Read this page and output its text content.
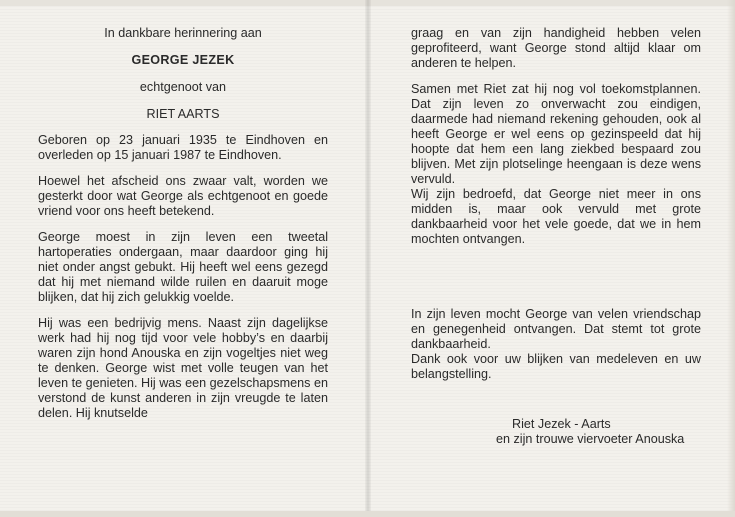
In dankbare herinnering aan
GEORGE JEZEK
echtgenoot van
RIET AARTS

Geboren op 23 januari 1935 te Eindhoven en overleden op 15 januari 1987 te Eindhoven.

Hoewel het afscheid ons zwaar valt, worden we gesterkt door wat George als echtgenoot en goede vriend voor ons heeft betekend.

George moest in zijn leven een tweetal hartoperaties ondergaan, maar daardoor ging hij niet onder angst gebukt. Hij heeft wel eens gezegd dat hij met niemand wilde ruilen en daaruit moge blijken, dat hij zich gelukkig voelde.

Hij was een bedrijvig mens. Naast zijn dagelijkse werk had hij nog tijd voor vele hobby’s en daarbij waren zijn hond Anouska en zijn vogeltjes niet weg te denken. George wist met volle teugen van het leven te genieten. Hij was een gezelschapsmens en verstond de kunst anderen in zijn vreugde te laten delen. Hij knutselde

graag en van zijn handigheid hebben velen geprofiteerd, want George stond altijd klaar om anderen te helpen.

Samen met Riet zat hij nog vol toekomstplannen. Dat zijn leven zo onverwacht zou eindigen, daarmede had niemand rekening gehouden, ook al heeft George er wel eens op gezinspeeld dat hij hoopte dat hem een lang ziekbed bespaard zou blijven. Met zijn plotselinge heengaan is deze wens vervuld.

Wij zijn bedroefd, dat George niet meer in ons midden is, maar ook vervuld met grote dankbaarheid voor het vele goede, dat we in hem mochten ontvangen.

In zijn leven mocht George van velen vriendschap en genegenheid ontvangen. Dat stemt tot grote dankbaarheid.

Dank ook voor uw blijken van medeleven en uw belangstelling.

Riet Jezek - Aarts
en zijn trouwe viervoeter Anouska
